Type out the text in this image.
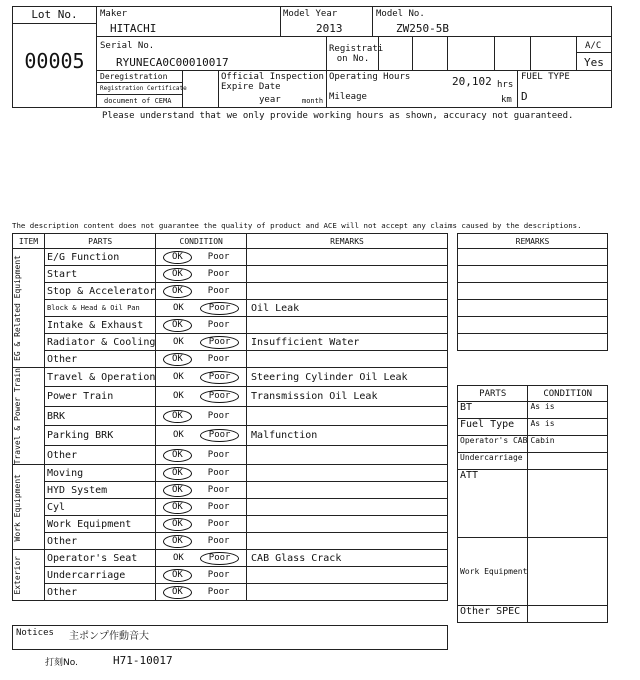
Lot No.
00005
Maker
HITACHI
Model Year
2013
Model No.
ZW250-5B
Serial No.
RYUNECA0C00010017
Registrati
on No.
A/C
Yes
Deregistration
Registration Certificate
document of CEMA
Official Inspection
Expire Date
year	month
Operating Hours	20,102 hrs
Mileage	km
FUEL TYPE
D
Please understand that we only provide working hours as shown, accuracy not guaranteed.
The description content does not guarantee the quality of product and ACE will not accept any claims caused by the descriptions.
ITEM	PARTS	CONDITION	REMARKS

EG & Related Equipment	E/G Function	OK Poor	
	Start	OK Poor	
	Stop & Accelerator	OK Poor	
	Block & Head & Oil Pan	OK Poor	Oil Leak
	Intake & Exhaust	OK Poor	
	Radiator & Cooling	OK Poor	Insufficient Water
	Other	OK Poor	

Travel & Power Train	Travel & Operation	OK Poor	Steering Cylinder Oil Leak
	Power Train	OK Poor	Transmission Oil Leak
	BRK	OK Poor	
	Parking BRK	OK Poor	Malfunction
	Other	OK Poor	

Work Equipment	Moving	OK Poor	
	HYD System	OK Poor	
	Cyl	OK Poor	
	Work Equipment	OK Poor	
	Other	OK Poor	

Exterior	Operator's Seat	OK Poor	CAB Glass Crack
	Undercarriage	OK Poor	
	Other	OK Poor	
REMARKS

PARTS	CONDITION
BT	As is
Fuel Type	As is
Operator's CAB	Cabin
Undercarriage	
ATT	
Work Equipment	
Other SPEC	
Notices 主ポンプ作動音大
打刻No.	H71-10017
